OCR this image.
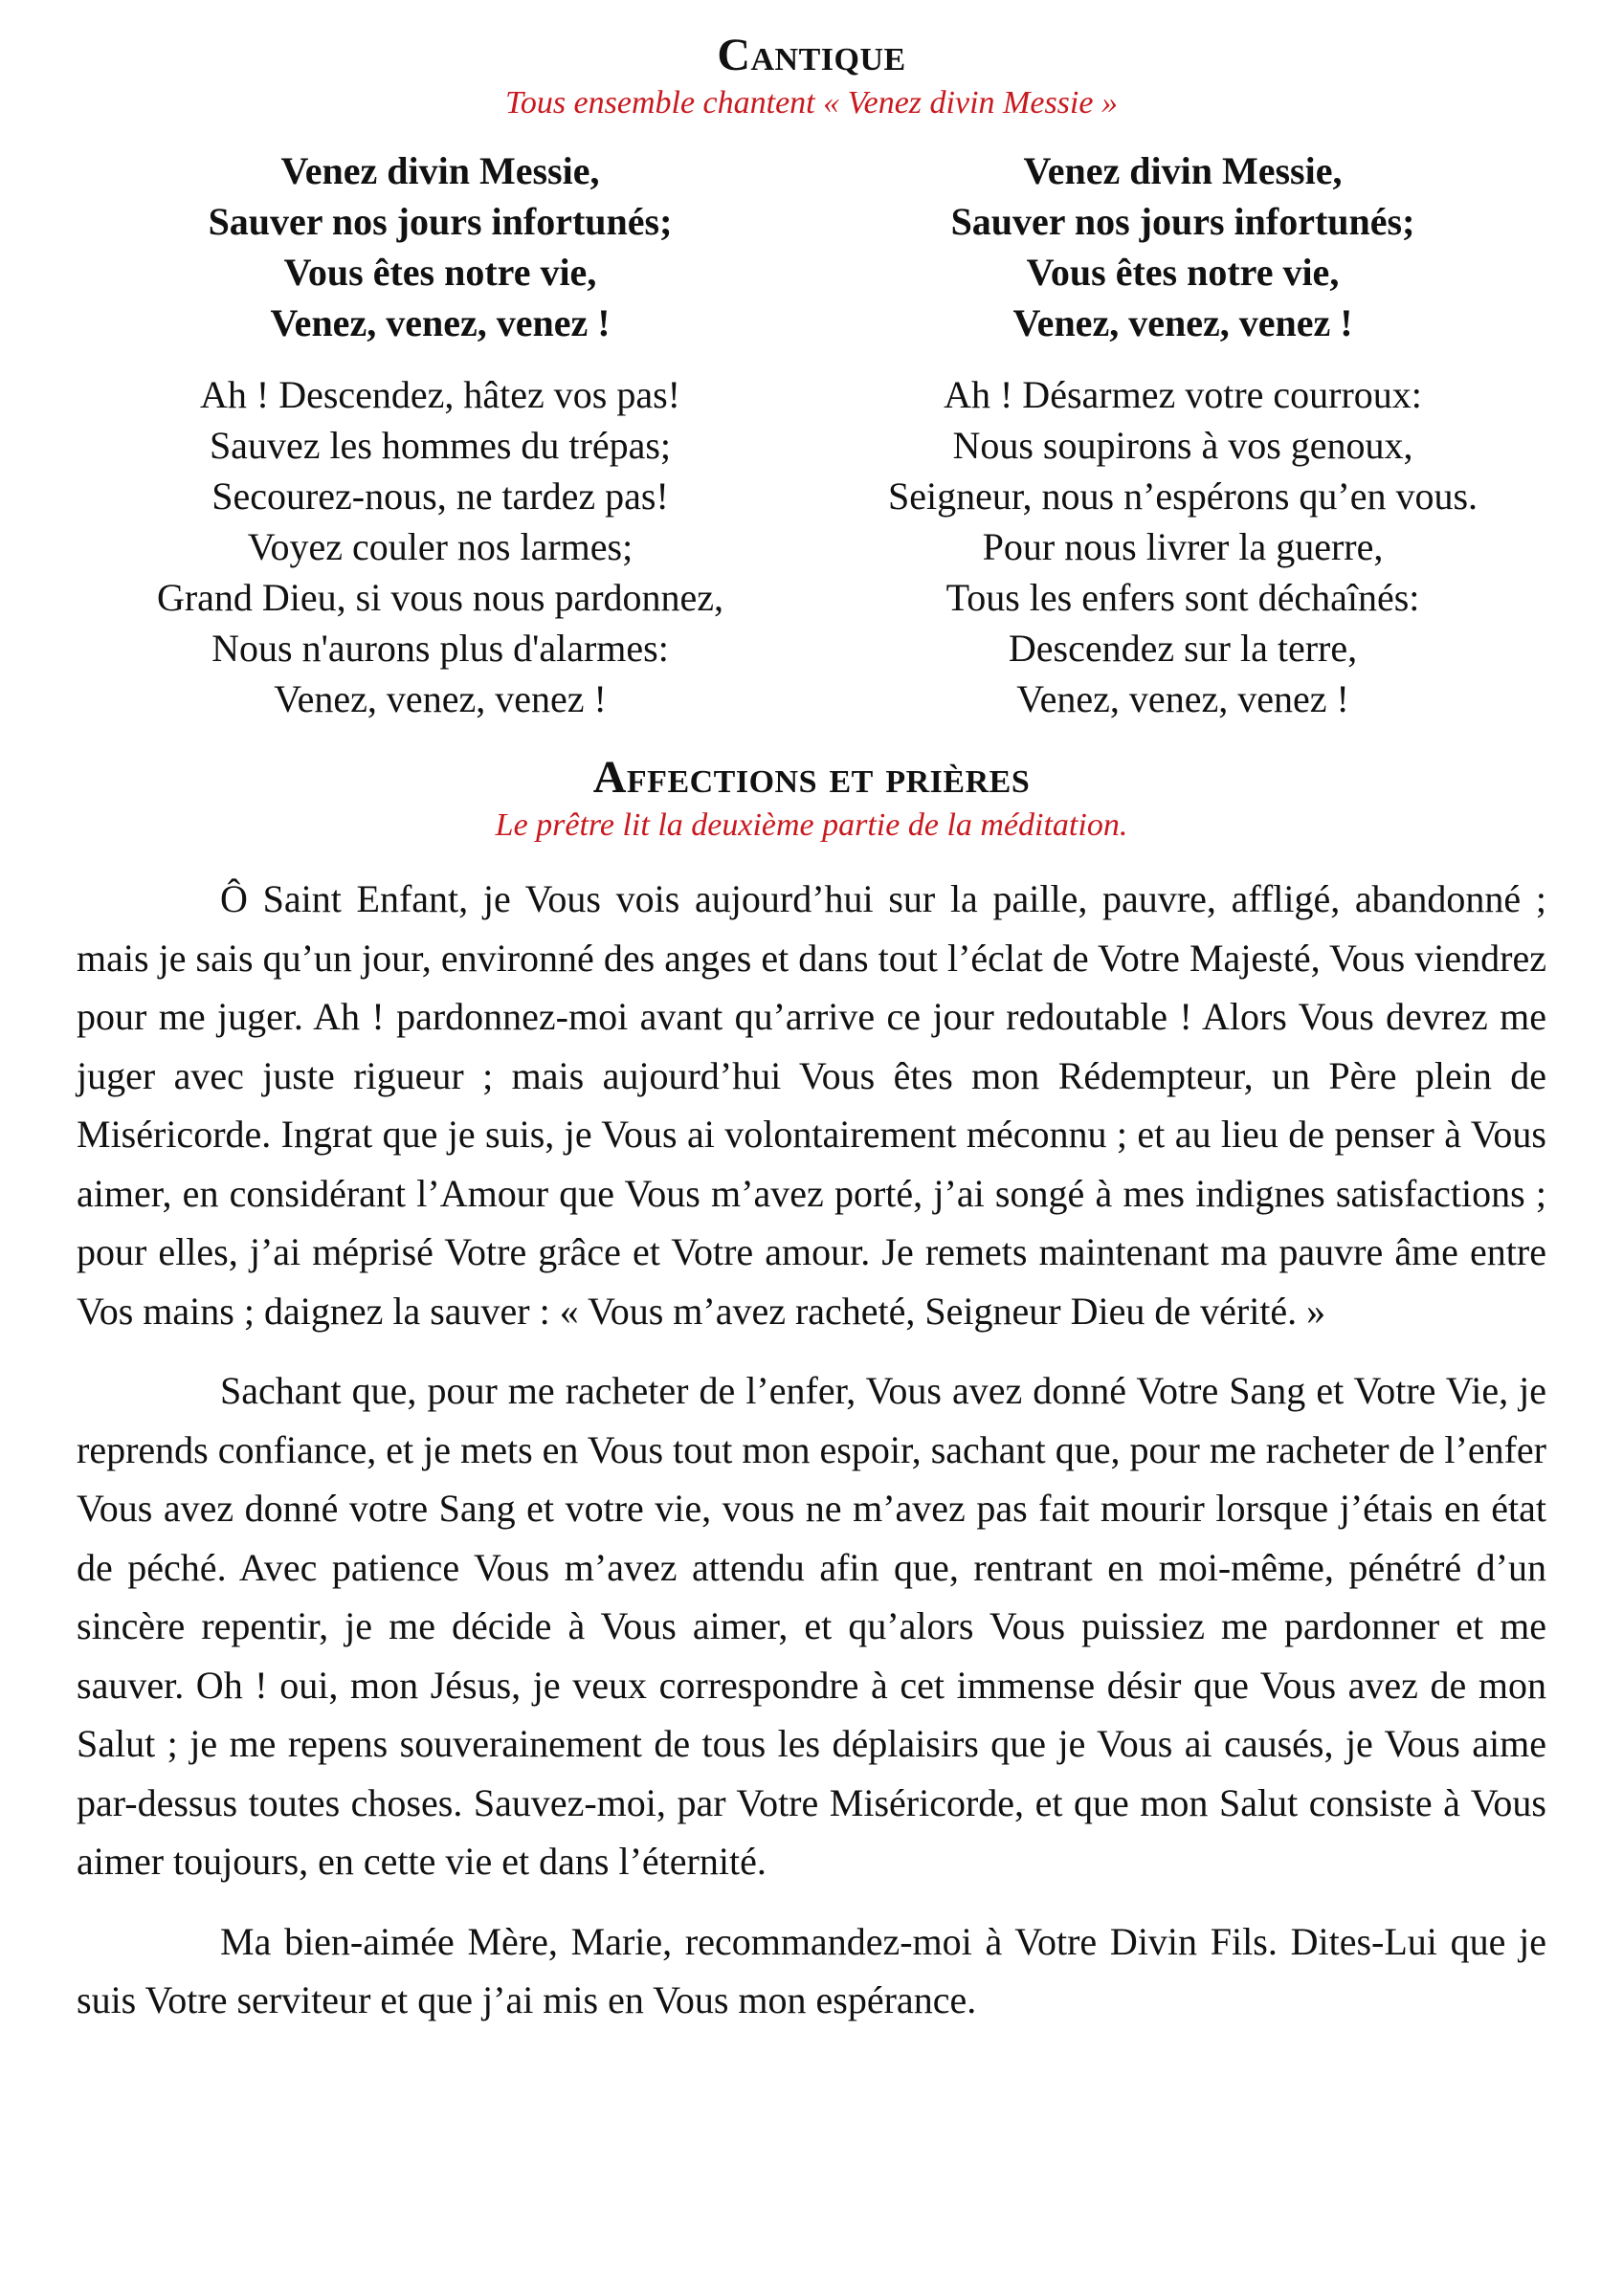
Cantique

Tous ensemble chantent « Venez divin Messie »

Venez divin Messie,
Sauver nos jours infortunés;
Vous êtes notre vie,
Venez, venez, venez !

Ah ! Descendez, hâtez vos pas!
Sauvez les hommes du trépas;
Secourez-nous, ne tardez pas!
Voyez couler nos larmes;
Grand Dieu, si vous nous pardonnez,
Nous n'aurons plus d'alarmes:
Venez, venez, venez !

Venez divin Messie,
Sauver nos jours infortunés;
Vous êtes notre vie,
Venez, venez, venez !

Ah ! Désarmez votre courroux:
Nous soupirons à vos genoux,
Seigneur, nous n’espérons qu’en vous.
Pour nous livrer la guerre,
Tous les enfers sont déchaînés:
Descendez sur la terre,
Venez, venez, venez !

Affections et prières

Le prêtre lit la deuxième partie de la méditation.

Ô Saint Enfant, je Vous vois aujourd’hui sur la paille, pauvre, affligé, abandonné ; mais je sais qu’un jour, environné des anges et dans tout l’éclat de Votre Majesté, Vous viendrez pour me juger. Ah ! pardonnez-moi avant qu’arrive ce jour redoutable ! Alors Vous devrez me juger avec juste rigueur ; mais aujourd’hui Vous êtes mon Rédempteur, un Père plein de Miséricorde. Ingrat que je suis, je Vous ai volontairement méconnu ; et au lieu de penser à Vous aimer, en considérant l’Amour que Vous m’avez porté, j’ai songé à mes indignes satisfactions ; pour elles, j’ai méprisé Votre grâce et Votre amour. Je remets maintenant ma pauvre âme entre Vos mains ; daignez la sauver : « Vous m’avez racheté, Seigneur Dieu de vérité. »

Sachant que, pour me racheter de l’enfer, Vous avez donné Votre Sang et Votre Vie, je reprends confiance, et je mets en Vous tout mon espoir, sachant que, pour me racheter de l’enfer Vous avez donné votre Sang et votre vie, vous ne m’avez pas fait mourir lorsque j’étais en état de péché. Avec patience Vous m’avez attendu afin que, rentrant en moi-même, pénétré d’un sincère repentir, je me décide à Vous aimer, et qu’alors Vous puissiez me pardonner et me sauver. Oh ! oui, mon Jésus, je veux correspondre à cet immense désir que Vous avez de mon Salut ; je me repens souverainement de tous les déplaisirs que je Vous ai causés, je Vous aime par-dessus toutes choses. Sauvez-moi, par Votre Miséricorde, et que mon Salut consiste à Vous aimer toujours, en cette vie et dans l’éternité.

Ma bien-aimée Mère, Marie, recommandez-moi à Votre Divin Fils. Dites-Lui que je suis Votre serviteur et que j’ai mis en Vous mon espérance.
